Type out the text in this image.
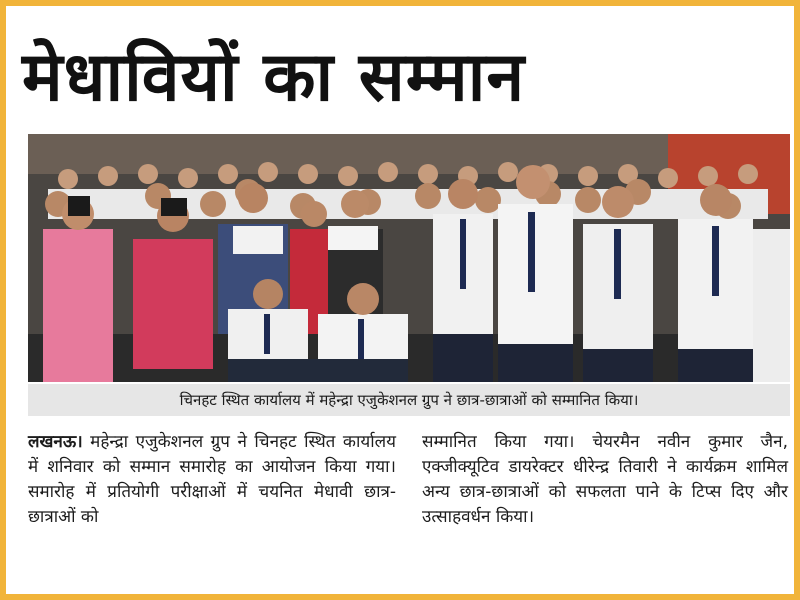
मेधावियों का सम्मान
चिनहट स्थित कार्यालय में महेन्द्रा एजुकेशनल ग्रुप ने छात्र-छात्राओं को सम्मानित किया।
लखनऊ। महेन्द्रा एजुकेशनल ग्रुप ने चिनहट स्थित कार्यालय में शनिवार को सम्मान समारोह का आयोजन किया गया। समारोह में प्रतियोगी परीक्षाओं में चयनित मेधावी छात्र-छात्राओं को
सम्मानित किया गया। चेयरमैन नवीन कुमार जैन, एक्जीक्यूटिव डायरेक्टर धीरेन्द्र तिवारी ने कार्यक्रम शामिल अन्य छात्र-छात्राओं को सफलता पाने के टिप्स दिए और उत्साहवर्धन किया।
